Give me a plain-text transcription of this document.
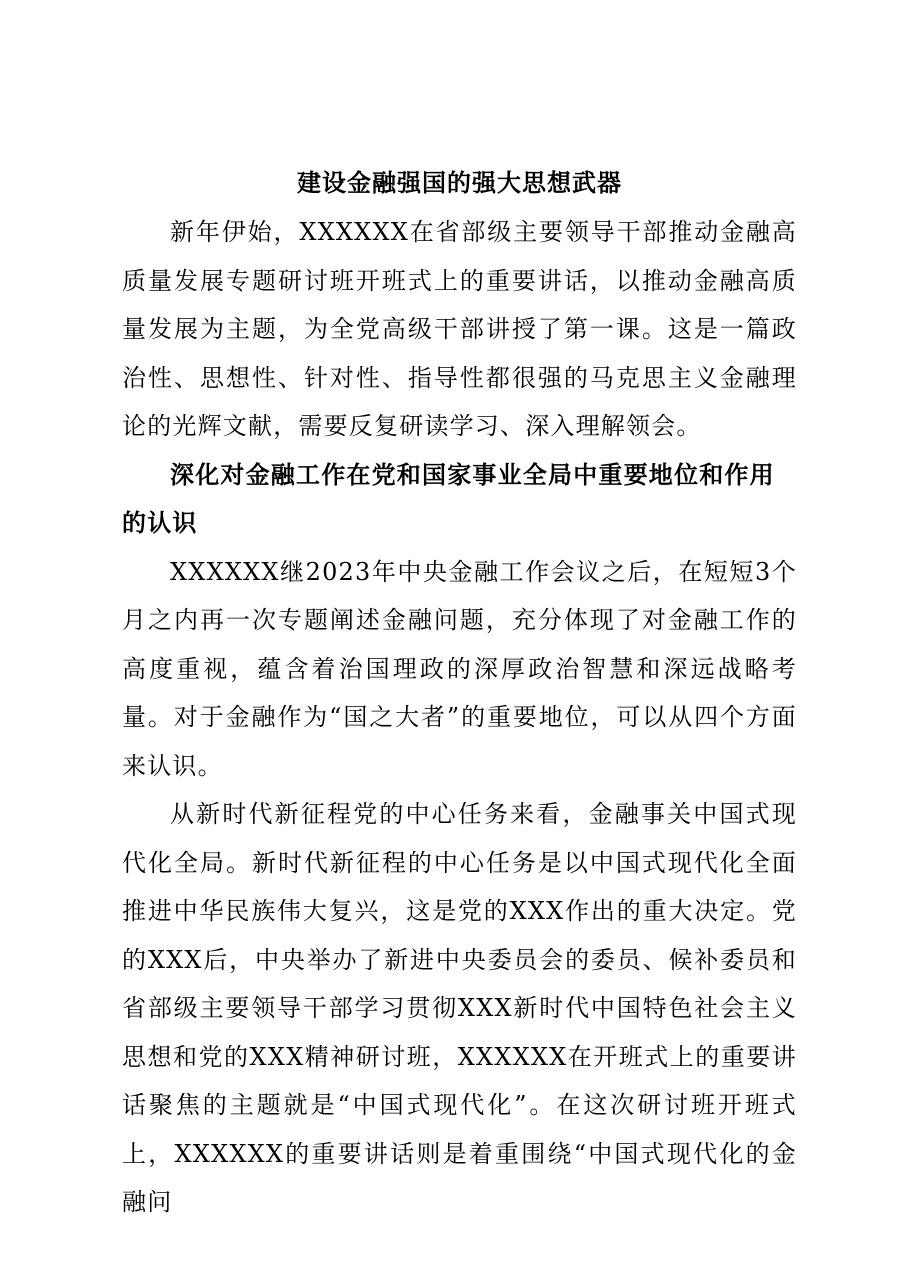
建设金融强国的强大思想武器

新年伊始，XXXXXX在省部级主要领导干部推动金融高质量发展专题研讨班开班式上的重要讲话，以推动金融高质量发展为主题，为全党高级干部讲授了第一课。这是一篇政治性、思想性、针对性、指导性都很强的马克思主义金融理论的光辉文献，需要反复研读学习、深入理解领会。

深化对金融工作在党和国家事业全局中重要地位和作用的认识

XXXXXX继2023年中央金融工作会议之后，在短短3个月之内再一次专题阐述金融问题，充分体现了对金融工作的高度重视，蕴含着治国理政的深厚政治智慧和深远战略考量。对于金融作为“国之大者”的重要地位，可以从四个方面来认识。

从新时代新征程党的中心任务来看，金融事关中国式现代化全局。新时代新征程的中心任务是以中国式现代化全面推进中华民族伟大复兴，这是党的XXX作出的重大决定。党的XXX后，中央举办了新进中央委员会的委员、候补委员和省部级主要领导干部学习贯彻XXX新时代中国特色社会主义思想和党的XXX精神研讨班，XXXXXX在开班式上的重要讲话聚焦的主题就是“中国式现代化”。在这次研讨班开班式上，XXXXXX的重要讲话则是着重围绕“中国式现代化的金融问
